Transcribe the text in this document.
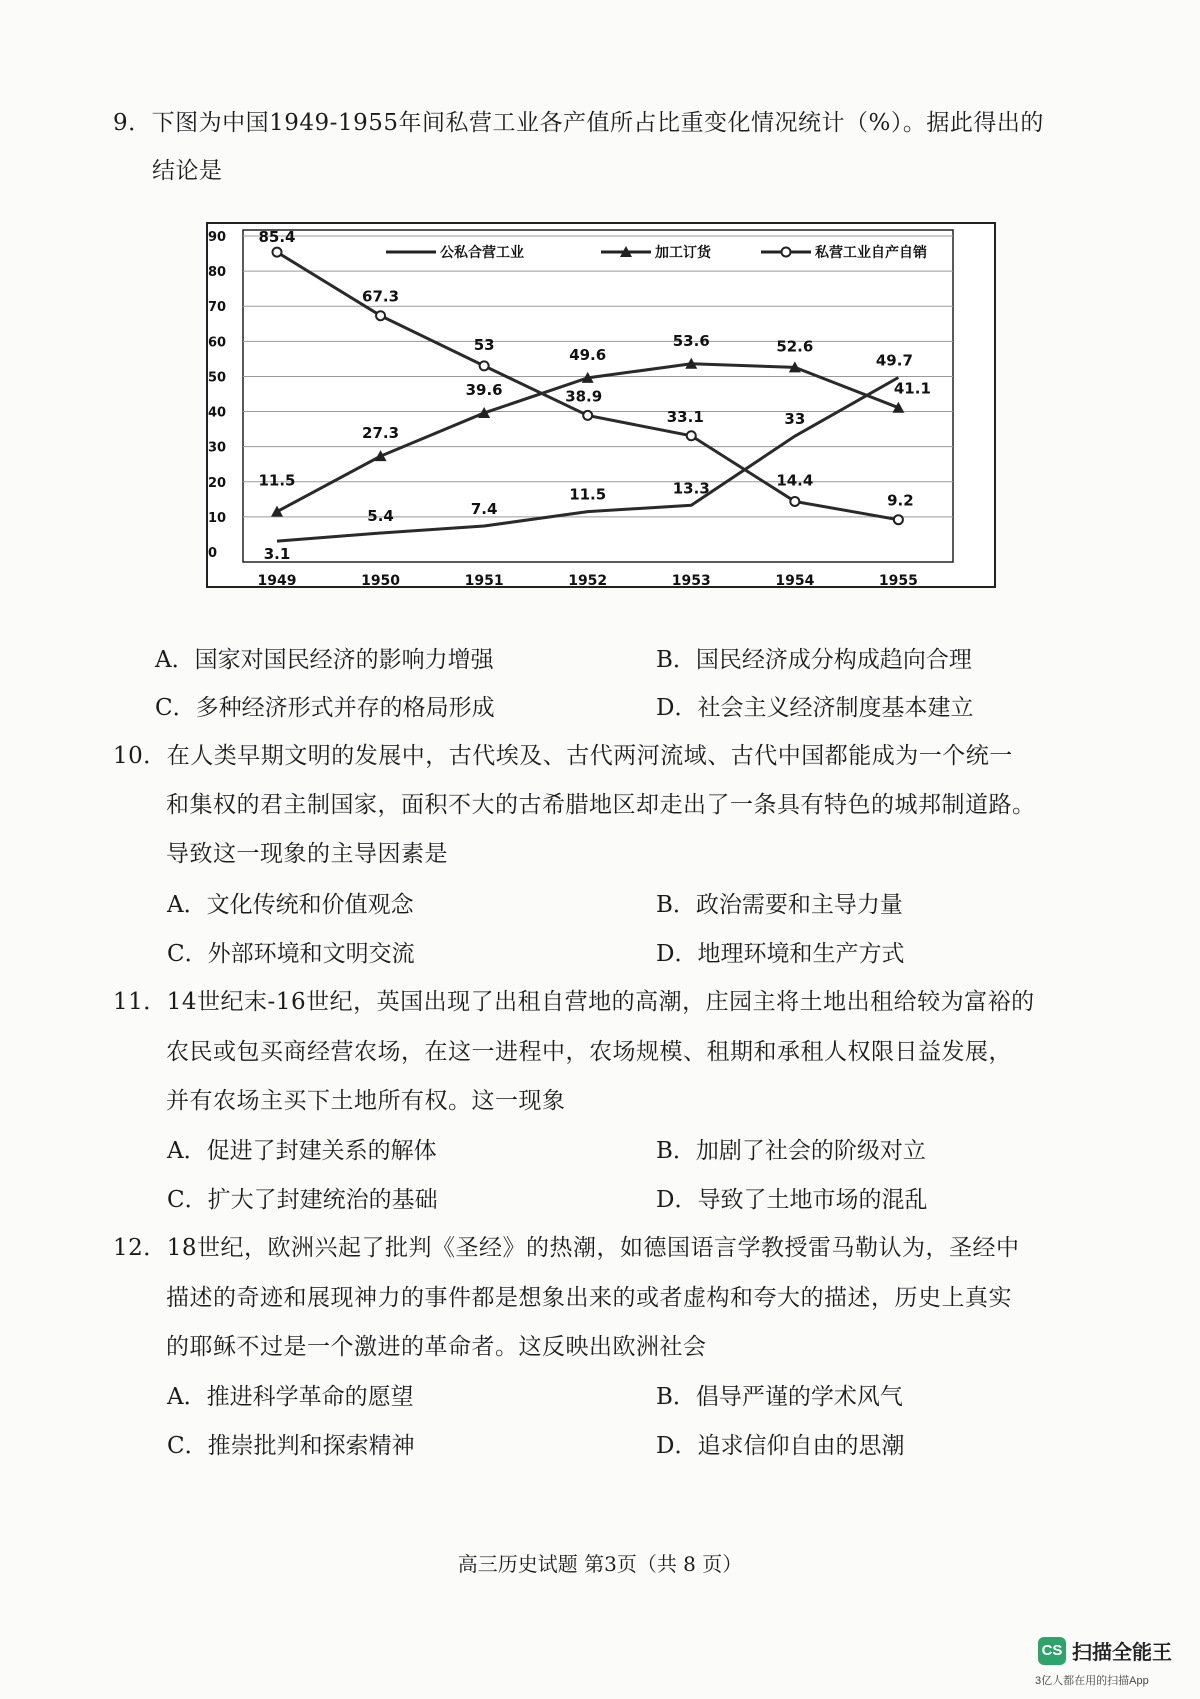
9．下图为中国1949-1955年间私营工业各产值所占比重变化情况统计（%）。据此得出的
结论是
0
10
20
30
40
50
60
70
80
90
1949	1950	1951	1952	1953	1954	1955
3.1
5.4	7.4
11.5	13.3
33
49.7
11.5
27.3
39.6
49.6
53.6	52.6
41.1
85.4
67.3
53
38.9
33.1
14.4
9.2
公私合营工业	加工订货	私营工业自产自销
A．国家对国民经济的影响力增强	B．国民经济成分构成趋向合理
C．多种经济形式并存的格局形成	D．社会主义经济制度基本建立
10．在人类早期文明的发展中，古代埃及、古代两河流域、古代中国都能成为一个统一
和集权的君主制国家，面积不大的古希腊地区却走出了一条具有特色的城邦制道路。
导致这一现象的主导因素是
A．文化传统和价值观念	B．政治需要和主导力量
C．外部环境和文明交流	D．地理环境和生产方式
11．14世纪末-16世纪，英国出现了出租自营地的高潮，庄园主将土地出租给较为富裕的
农民或包买商经营农场，在这一进程中，农场规模、租期和承租人权限日益发展，
并有农场主买下土地所有权。这一现象
A．促进了封建关系的解体	B．加剧了社会的阶级对立
C．扩大了封建统治的基础	D．导致了土地市场的混乱
12．18世纪，欧洲兴起了批判《圣经》的热潮，如德国语言学教授雷马勒认为，圣经中
描述的奇迹和展现神力的事件都是想象出来的或者虚构和夸大的描述，历史上真实
的耶稣不过是一个激进的革命者。这反映出欧洲社会
A．推进科学革命的愿望	B．倡导严谨的学术风气
C．推崇批判和探索精神	D．追求信仰自由的思潮
高三历史试题 第3页（共 8 页）
CS 扫描全能王
3亿人都在用的扫描App
